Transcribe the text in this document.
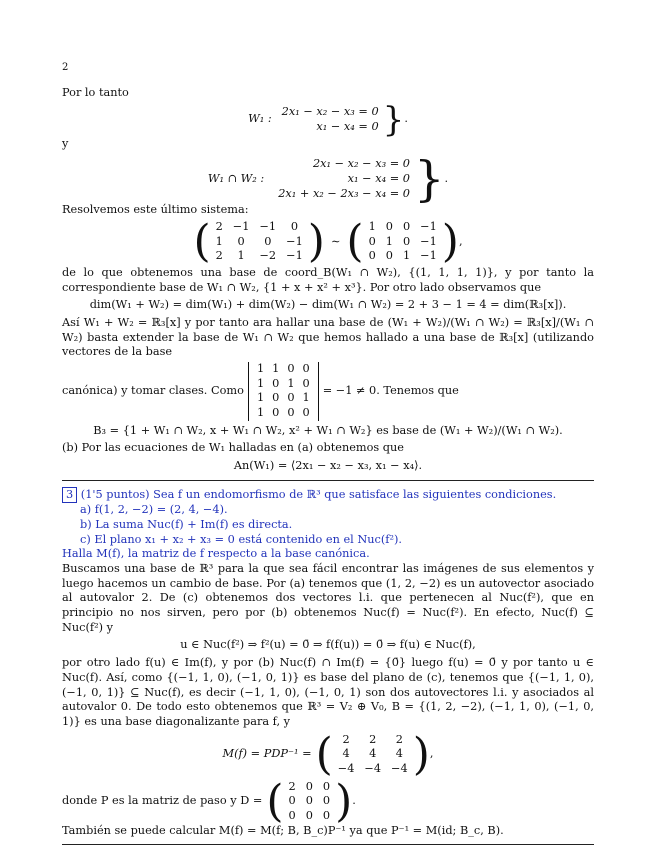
2

Por lo tanto

W₁ :
2x₁ − x₂ − x₃ = 0
x₁ − x₄ = 0 } .

y

W₁ ∩ W₂ :
2x₁ − x₂ − x₃ = 0
x₁ − x₄ = 0
2x₁ + x₂ − 2x₃ − x₄ = 0 } .

Resolvemos este último sistema:

( 2	−1	−1	0
1	0	0	−1
2	1	−2	−1 ) ∼ ( 1	0	0	−1
0	1	0	−1
0	0	1	−1 ) ,

de lo que obtenemos una base de coord_B(W₁ ∩ W₂), {(1, 1, 1, 1)}, y por tanto la correspondiente base de W₁ ∩ W₂, {1 + x + x² + x³}. Por otro lado observamos que

dim(W₁ + W₂) = dim(W₁) + dim(W₂) − dim(W₁ ∩ W₂) = 2 + 3 − 1 = 4 = dim(ℝ₃[x]).

Así W₁ + W₂ = ℝ₃[x] y por tanto ara hallar una base de (W₁ + W₂)/(W₁ ∩ W₂) = ℝ₃[x]/(W₁ ∩ W₂) basta extender la base de W₁ ∩ W₂ que hemos hallado a una base de ℝ₃[x] (utilizando vectores de la base

canónica) y tomar clases. Como
1	1	0	0
1	0	1	0
1	0	0	1
1	0	0	0
= −1 ≠ 0. Tenemos que

B₃ = {1 + W₁ ∩ W₂, x + W₁ ∩ W₂, x² + W₁ ∩ W₂} es base de (W₁ + W₂)/(W₁ ∩ W₂).

(b) Por las ecuaciones de W₁ halladas en (a) obtenemos que

An(W₁) = ⟨2x₁ − x₂ − x₃, x₁ − x₄⟩.

3 (1'5 puntos) Sea f un endomorfismo de ℝ³ que satisface las siguientes condiciones.

a) f(1, 2, −2) = (2, 4, −4).
b) La suma Nuc(f) + Im(f) es directa.
c) El plano x₁ + x₂ + x₃ = 0 está contenido en el Nuc(f²).

Halla M(f), la matriz de f respecto a la base canónica.

Buscamos una base de ℝ³ para la que sea fácil encontrar las imágenes de sus elementos y luego hacemos un cambio de base. Por (a) tenemos que (1, 2, −2) es un autovector asociado al autovalor 2. De (c) obtenemos dos vectores l.i. que pertenecen al Nuc(f²), que en principio no nos sirven, pero por (b) obtenemos Nuc(f) = Nuc(f²). En efecto, Nuc(f) ⊆ Nuc(f²) y

u ∈ Nuc(f²) ⇒ f²(u) = 0̄ ⇒ f(f(u)) = 0̄ ⇒ f(u) ∈ Nuc(f),

por otro lado f(u) ∈ Im(f), y por (b) Nuc(f) ∩ Im(f) = {0̄} luego f(u) = 0̄ y por tanto u ∈ Nuc(f). Así, como {(−1, 1, 0), (−1, 0, 1)} es base del plano de (c), tenemos que {(−1, 1, 0), (−1, 0, 1)} ⊆ Nuc(f), es decir (−1, 1, 0), (−1, 0, 1) son dos autovectores l.i. y asociados al autovalor 0. De todo esto obtenemos que ℝ³ = V₂ ⊕ V₀, B = {(1, 2, −2), (−1, 1, 0), (−1, 0, 1)} es una base diagonalizante para f, y

M(f) = PDP⁻¹ = ( 2	2	2
4	4	4
−4	−4	−4 ) ,
donde P es la matriz de paso y D = ( 2	0	0
0	0	0
0	0	0 ) .

También se puede calcular M(f) = M(f; B, B_c)P⁻¹ ya que P⁻¹ = M(id; B_c, B).
